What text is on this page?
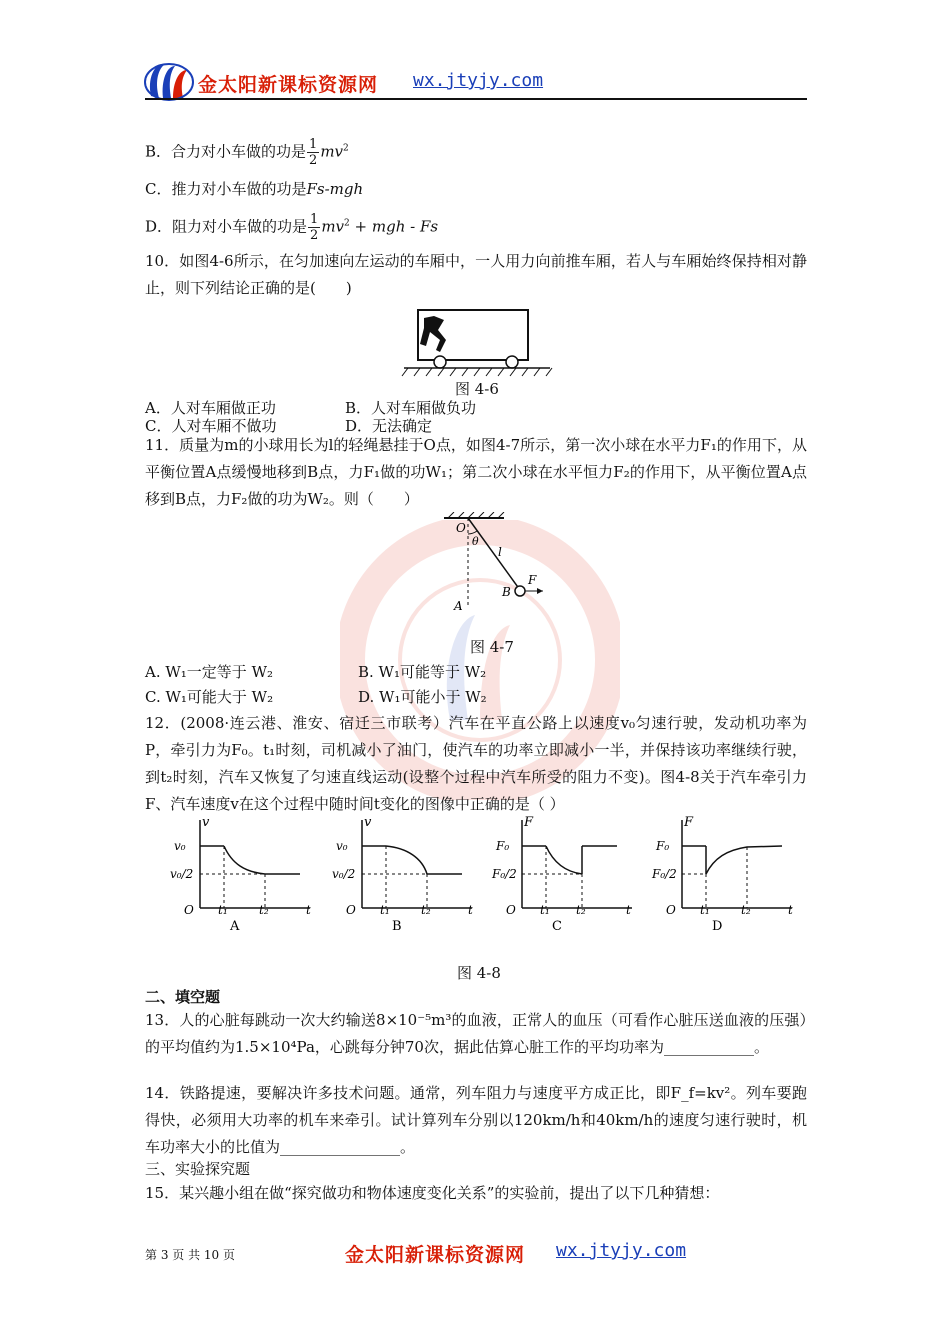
金太阳新课标资源网 wx.jtyjy.com
B．合力对小车做的功是 $\frac{1}{2} mv^2$
C．推力对小车做的功是Fs-mgh
D．阻力对小车做的功是 $\frac{1}{2} mv^2$ + mgh - Fs
10．如图4-6所示，在匀加速向左运动的车厢中，一人用力向前推车厢，若人与车厢始终保持相对静止，则下列结论正确的是(　　)
图 4-6
A．人对车厢做正功	B．人对车厢做负功
C．人对车厢不做功	D．无法确定
11．质量为m的小球用长为l的轻绳悬挂于O点，如图4-7所示，第一次小球在水平力F₁的作用下，从平衡位置A点缓慢地移到B点，力F₁做的功W₁；第二次小球在水平恒力F₂的作用下，从平衡位置A点移到B点，力F₂做的功为W₂。则（　　）
O
θ
l
B
F
A
图 4-7
A. W₁一定等于 W₂	B. W₁可能等于 W₂
C. W₁可能大于 W₂	D. W₁可能小于 W₂
12．(2008·连云港、淮安、宿迁三市联考）汽车在平直公路上以速度v₀匀速行驶，发动机功率为P，牵引力为F₀。t₁时刻，司机减小了油门，使汽车的功率立即减小一半，并保持该功率继续行驶，到t₂时刻，汽车又恢复了匀速直线运动(设整个过程中汽车所受的阻力不变)。图4-8关于汽车牵引力F、汽车速度v在这个过程中随时间t变化的图像中正确的是（ ）
v
v₀
v₀/2
O t₁	t₂	t
A
v
v₀
v₀/2
O t₁	t₂	t
B
F
F₀
F₀/2
O t₁ t₂	t
C
F
F₀
F₀/2
O t₁	t₂	t
D
图 4-8
二、填空题
13．人的心脏每跳动一次大约输送8×10⁻⁵m³的血液，正常人的血压（可看作心脏压送血液的压强）的平均值约为1.5×10⁴Pa，心跳每分钟70次，据此估算心脏工作的平均功率为____________。
14．铁路提速，要解决许多技术问题。通常，列车阻力与速度平方成正比，即F_f=kv²。列车要跑得快，必须用大功率的机车来牵引。试计算列车分别以120km/h和40km/h的速度匀速行驶时，机车功率大小的比值为________________。
三、实验探究题
15．某兴趣小组在做“探究做功和物体速度变化关系”的实验前，提出了以下几种猜想：
第 3 页 共 10 页	金太阳新课标资源网 wx.jtyjy.com
